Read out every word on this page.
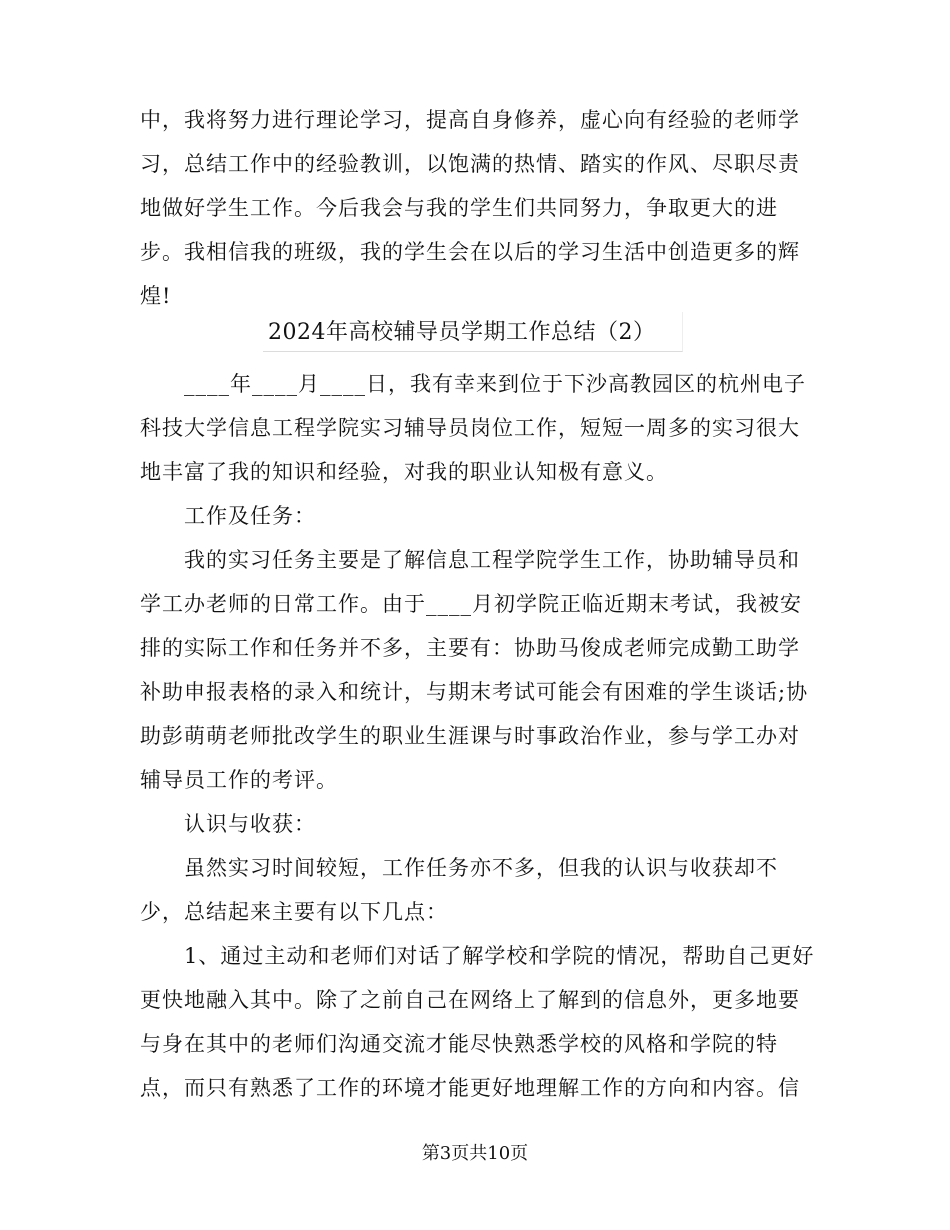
中，我将努力进行理论学习，提高自身修养，虚心向有经验的老师学
习，总结工作中的经验教训，以饱满的热情、踏实的作风、尽职尽责
地做好学生工作。今后我会与我的学生们共同努力，争取更大的进
步。我相信我的班级，我的学生会在以后的学习生活中创造更多的辉
煌!
2024年高校辅导员学期工作总结（2）
____年____月____日，我有幸来到位于下沙高教园区的杭州电子
科技大学信息工程学院实习辅导员岗位工作，短短一周多的实习很大
地丰富了我的知识和经验，对我的职业认知极有意义。
工作及任务：
我的实习任务主要是了解信息工程学院学生工作，协助辅导员和
学工办老师的日常工作。由于____月初学院正临近期末考试，我被安
排的实际工作和任务并不多，主要有：协助马俊成老师完成勤工助学
补助申报表格的录入和统计，与期末考试可能会有困难的学生谈话;协
助彭萌萌老师批改学生的职业生涯课与时事政治作业，参与学工办对
辅导员工作的考评。
认识与收获：
虽然实习时间较短，工作任务亦不多，但我的认识与收获却不
少，总结起来主要有以下几点：
1、通过主动和老师们对话了解学校和学院的情况，帮助自己更好
更快地融入其中。除了之前自己在网络上了解到的信息外，更多地要
与身在其中的老师们沟通交流才能尽快熟悉学校的风格和学院的特
点，而只有熟悉了工作的环境才能更好地理解工作的方向和内容。信
第3页共10页
